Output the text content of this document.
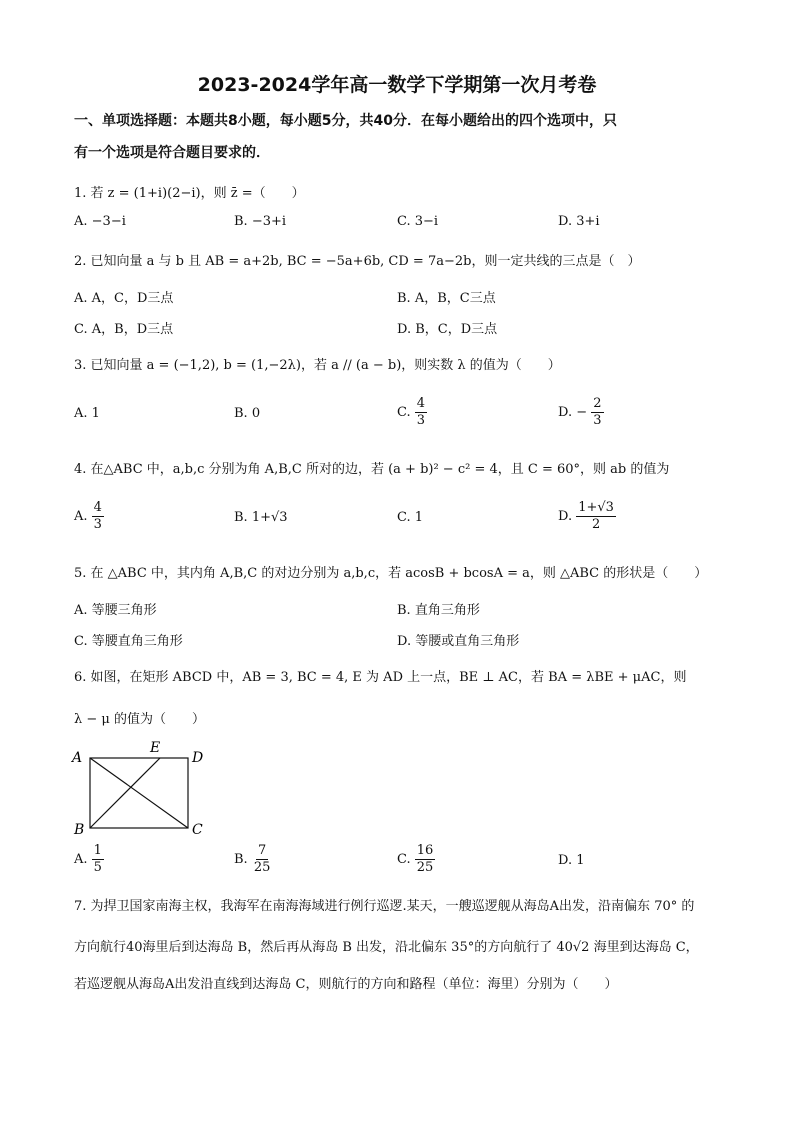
2023-2024学年高一数学下学期第一次月考卷
一、单项选择题：本题共8小题，每小题5分，共40分．在每小题给出的四个选项中，只
有一个选项是符合题目要求的．
1. 若 z = (1+i)(2−i)，则 z̄ =（　　）
A. −3−i	B. −3+i	C. 3−i	D. 3+i
2. 已知向量 a 与 b 且 AB = a+2b, BC = −5a+6b, CD = 7a−2b，则一定共线的三点是（　）
A. A，C，D三点	B. A，B，C三点
C. A，B，D三点	D. B，C，D三点
3. 已知向量 a = (−1,2), b = (1,−2λ)，若 a // (a − b)，则实数 λ 的值为（　　）
A. 1	B. 0	C. $\frac{4}{3}$	D. − $\frac{2}{3}$
4. 在△ABC 中，a,b,c 分别为角 A,B,C 所对的边，若 (a + b)² − c² = 4，且 C = 60°，则 ab 的值为
A. $\frac{4}{3}$	B. 1+√3	C. 1	D. $\frac{1+√3}{2}$
5. 在 △ABC 中，其内角 A,B,C 的对边分别为 a,b,c，若 acosB + bcosA = a，则 △ABC 的形状是（　　）
A. 等腰三角形	B. 直角三角形
C. 等腰直角三角形	D. 等腰或直角三角形
6. 如图，在矩形 ABCD 中，AB = 3, BC = 4, E 为 AD 上一点，BE ⊥ AC，若 BA = λBE + μAC，则
λ − μ 的值为（　　）
A
E
D
B	C
A. $\frac{1}{5}$	B. $\frac{7}{25}$	C. $\frac{16}{25}$	D. 1
7. 为捍卫国家南海主权，我海军在南海海域进行例行巡逻.某天，一艘巡逻舰从海岛A出发，沿南偏东 70° 的
方向航行40海里后到达海岛 B，然后再从海岛 B 出发，沿北偏东 35°的方向航行了 40√2 海里到达海岛 C，
若巡逻舰从海岛A出发沿直线到达海岛 C，则航行的方向和路程（单位：海里）分别为（　　）
